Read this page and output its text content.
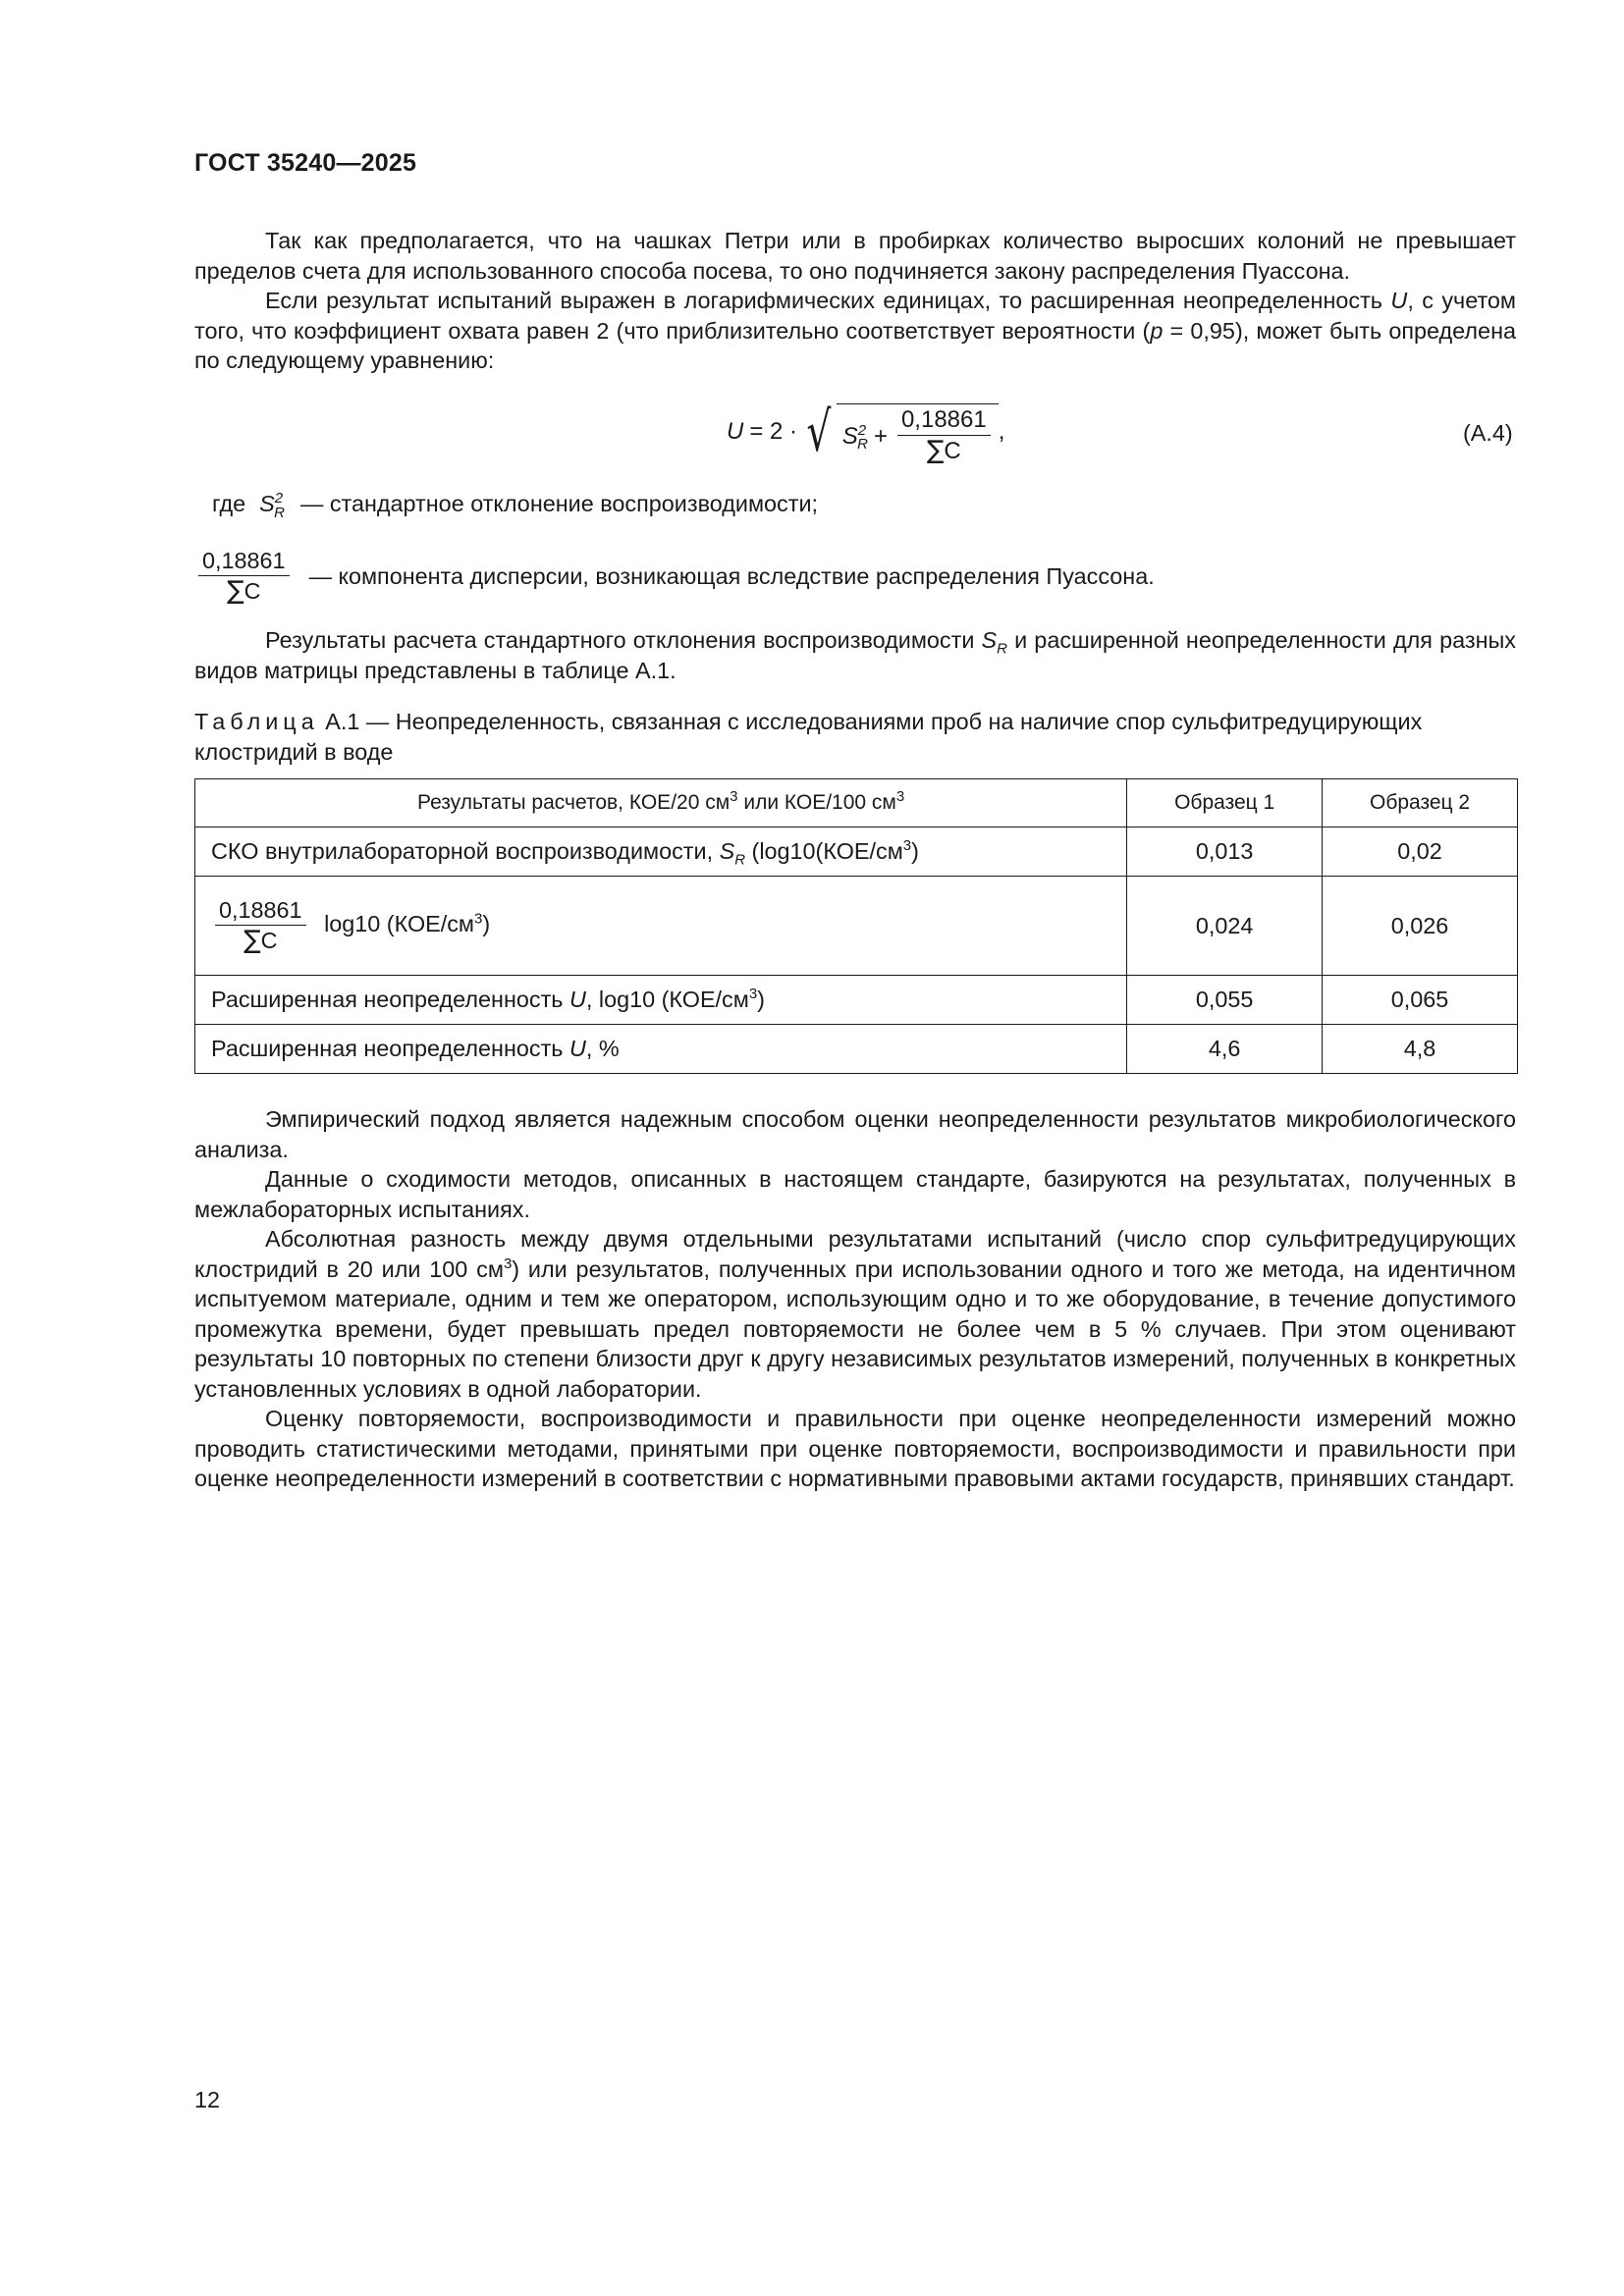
ГОСТ 35240—2025

Так как предполагается, что на чашках Петри или в пробирках количество выросших колоний не превышает пределов счета для использованного способа посева, то оно подчиняется закону распределения Пуассона.

Если результат испытаний выражен в логарифмических единицах, то расширенная неопределенность U, с учетом того, что коэффициент охвата равен 2 (что приблизительно соответствует вероятности (p = 0,95), может быть определена по следующему уравнению:

U = 2 · √ $S^2_R + \frac{0,18861}{\sum C}$ ,	(А.4)
где $S^2_R$ — стандартное отклонение воспроизводимости;
$\frac{0,18861}{\sum C}$ — компонента дисперсии, возникающая вследствие распределения Пуассона.

Результаты расчета стандартного отклонения воспроизводимости $S_R$ и расширенной неопределенности для разных видов матрицы представлены в таблице А.1.

Таблица А.1 — Неопределенность, связанная с исследованиями проб на наличие спор сульфитредуцирующих клостридий в воде
Результаты расчетов, КОЕ/20 $см^3$ или КОЕ/100 $см^3$	Образец 1	Образец 2
СКО внутрилабораторной воспроизводимости, $S_R$ ($\log 10(КОЕ/см^3)$	0,013	0,02

$\frac{0,18861}{\sum C} \log 10$ $(КОЕ/см^3)$	0,024	0,026
Расширенная неопределенность U, log10 $(КОЕ/см^3)$	0,055	0,065
Расширенная неопределенность U, %	4,6	4,8

Эмпирический подход является надежным способом оценки неопределенности результатов микробиологического анализа.

Данные о сходимости методов, описанных в настоящем стандарте, базируются на результатах, полученных в межлабораторных испытаниях.

Абсолютная разность между двумя отдельными результатами испытаний (число спор сульфитредуцирующих клостридий в 20 или 100 $см^3$) или результатов, полученных при использовании одного и того же метода, на идентичном испытуемом материале, одним и тем же оператором, использующим одно и то же оборудование, в течение допустимого промежутка времени, будет превышать предел повторяемости не более чем в 5 % случаев. При этом оценивают результаты 10 повторных по степени близости друг к другу независимых результатов измерений, полученных в конкретных установленных условиях в одной лаборатории.

Оценку повторяемости, воспроизводимости и правильности при оценке неопределенности измерений можно проводить статистическими методами, принятыми при оценке повторяемости, воспроизводимости и правильности при оценке неопределенности измерений в соответствии с нормативными правовыми актами государств, принявших стандарт.

12
